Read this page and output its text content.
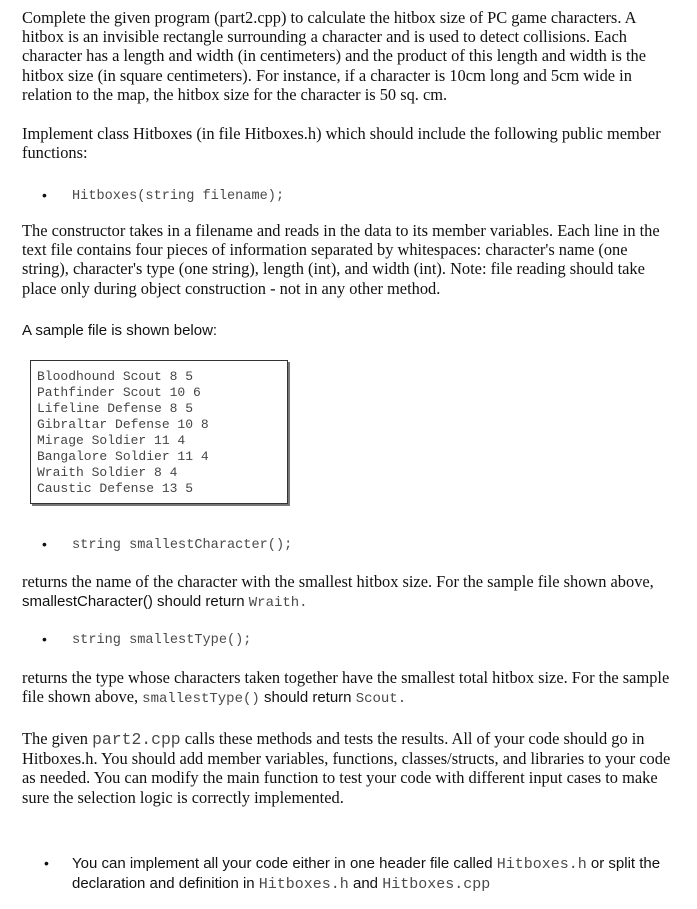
Complete the given program (part2.cpp) to calculate the hitbox size of PC game characters. A hitbox is an invisible rectangle surrounding a character and is used to detect collisions. Each character has a length and width (in centimeters) and the product of this length and width is the hitbox size (in square centimeters). For instance, if a character is 10cm long and 5cm wide in relation to the map, the hitbox size for the character is 50 sq. cm.

Implement class Hitboxes (in file Hitboxes.h) which should include the following public member functions:

• Hitboxes(string filename);

The constructor takes in a filename and reads in the data to its member variables. Each line in the text file contains four pieces of information separated by whitespaces: character's name (one string), character's type (one string), length (int), and width (int). Note: file reading should take place only during object construction - not in any other method.

A sample file is shown below:

Bloodhound Scout 8 5
Pathfinder Scout 10 6
Lifeline Defense 8 5
Gibraltar Defense 10 8
Mirage Soldier 11 4
Bangalore Soldier 11 4
Wraith Soldier 8 4
Caustic Defense 13 5
• string smallestCharacter();

returns the name of the character with the smallest hitbox size. For the sample file shown above, smallestCharacter() should return Wraith.

• string smallestType();

returns the type whose characters taken together have the smallest total hitbox size. For the sample file shown above, smallestType() should return Scout.

The given part2.cpp calls these methods and tests the results. All of your code should go in Hitboxes.h. You should add member variables, functions, classes/structs, and libraries to your code as needed. You can modify the main function to test your code with different input cases to make sure the selection logic is correctly implemented.

• You can implement all your code either in one header file called Hitboxes.h or split the declaration and definition in Hitboxes.h and Hitboxes.cpp
